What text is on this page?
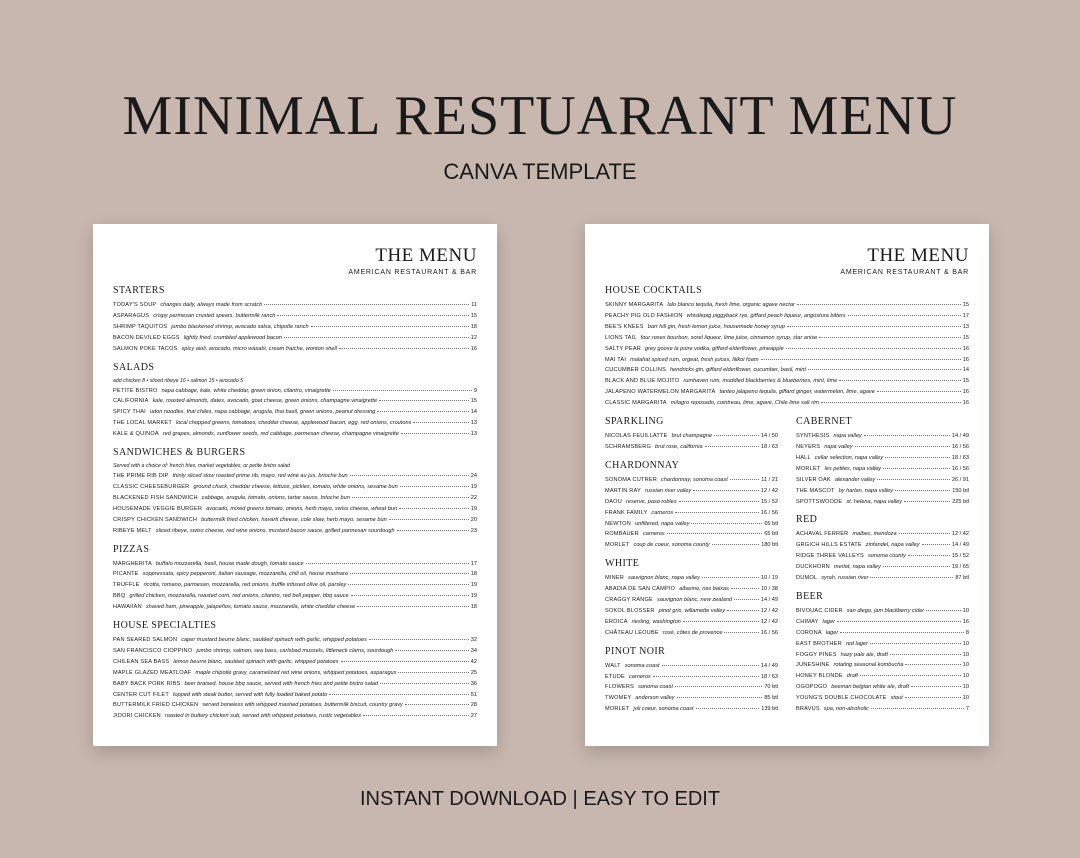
MINIMAL RESTUARANT MENU
CANVA TEMPLATE
THE MENU
AMERICAN RESTAURANT & BAR
STARTERS
TODAY'S SOUP changes daily, always made from scratch	11
ASPARAGUS crispy parmesan crusted spears, buttermilk ranch	15
SHRIMP TAQUITOS jumbo blackened shrimp, avocado salsa, chipotle ranch	18
BACON DEVILED EGGS lightly fried, crumbled applewood bacon	12
SALMON POKE TACOS spicy aioli, avocado, micro wasabi, cream fraiche, wonton shell	16
SALADS
add chicken 8 • sliced ribeye 16 • salmon 15 • avocado 5
PETITE BISTRO napa cabbage, kale, white cheddar, green onion, cilantro, vinaigrette	9
CALIFORNIA kale, roasted almonds, dates, avocado, goat cheese, green onions, champagne vinaigrette	15
SPICY THAI udon noodles, thai chiles, napa cabbage, arugula, thai basil, green onions, peanut dressing	14
THE LOCAL MARKET local chopped greens, tomatoes, cheddar cheese, applewood bacon, egg, red onions, croutons	13
KALE & QUINOA red grapes, almonds, sunflower seeds, red cabbage, parmesan cheese, champagne vinaigrette	13
SANDWICHES & BURGERS
Served with a choice of: french fries, market vegetables, or petite bistro salad
THE PRIME RIB DIP thinly sliced slow roasted prime rib, mayo, red wine au jus, brioche bun	24
CLASSIC CHEESEBURGER ground chuck, cheddar cheese, lettuce, pickles, tomato, white onions, sesame bun	19
BLACKENED FISH SANDWICH cabbage, arugula, tomato, onions, tartar sauce, brioche bun	22
HOUSEMADE VEGGIE BURGER avocado, mixed greens tomato, onions, herb mayo, swiss cheese, wheat bun	19
CRISPY CHICKEN SANDWICH buttermilk fried chicken, havarti cheese, cole slaw, herb mayo, sesame bun	20
RIBEYE MELT sliced ribeye, swiss cheese, red wine onions, mustard bacon sauce, grilled parmesan sourdough	23
PIZZAS
MARGHERITA buffalo mozzarella, basil, house made dough, tomato sauce	17
PICANTE soppressata, spicy pepperoni, italian sausage, mozzarella, chili oil, house marinara	18
TRUFFLE ricotta, romano, parmesan, mozzarella, red onions, truffle infused olive oil, parsley	19
BBQ grilled chicken, mozzarella, roasted corn, red onions, cilantro, red bell pepper, bbq sauce	19
HAWAIIAN shaved ham, pineapple, jalapeños, tomato sauce, mozzarella, white cheddar cheese	18
HOUSE SPECIALTIES
PAN SEARED SALMON caper mustard beurre blanc, sautéed spinach with garlic, whipped potatoes	32
SAN FRANCISCO CIOPPINO jumbo shrimp, salmon, sea bass, carlsbad mussels, littleneck clams, sourdough	34
CHILEAN SEA BASS lemon beurre blanc, sautéed spinach with garlic, whipped potatoes	42
MAPLE GLAZED MEATLOAF maple chipotle gravy, caramelized red wine onions, whipped potatoes, asparagus	25
BABY BACK PORK RIBS beer braised, house bbq sauce, served with french fries and petite bistro salad	36
CENTER CUT FILET topped with steak butter, served with fully loaded baked potato	51
BUTTERMILK FRIED CHICKEN served boneless with whipped mashed potatoes, buttermilk biscuit, country gravy	28
JIDORI CHICKEN roasted in buttery chicken sub, served with whipped potatoes, rustic vegetables	27
THE MENU
AMERICAN RESTAURANT & BAR
HOUSE COCKTAILS
SKINNY MARGARITA lalo blanco tequila, fresh lime, organic agave nectar	15
PEACHY PIG OLD FASHION whistlepig piggyback rye, giffard peach liqueur, angostura bitters	17
BEE'S KNEES barr hill gin, fresh lemon juice, housemade honey syrup	13
LIONS TAIL four roses bourbon, sorel liqueur, lime juice, cinnamon syrup, star anise	15
SALTY PEAR grey goose la poire vodka, giffard elderflower, pineapple	16
MAI TAI malahat spiced rum, orgeat, fresh juices, lilikoi foam	16
CUCUMBER COLLINS hendricks gin, giffard elderflower, cucumber, basil, mint	14
BLACK AND BLUE MOJITO rumhaven rum, muddled blackberries & blueberries, mint, lime	15
JALAPENO WATERMELON MARGARITA tanteo jalapeno tequila, giffard ginger, watermelon, lime, agave	16
CLASSIC MARGARITA milagro reposado, cointreau, lime, agave, Chile lime salt rim	16
SPARKLING
NICOLAS FEUILLATTE brut champagne	14 / 50
SCHRAMSBERG brut rose, california	18 / 63
CHARDONNAY
SONOMA CUTRER chardonnay, sonoma coast	11 / 21
MARTIN RAY russian river valley	12 / 42
DAOU reserve, paso robles	15 / 52
FRANK FAMILY carneros	16 / 56
NEWTON unfiltered, napa valley	65 btl
ROMBAUER carneros	65 btl
MORLET coup de coeur, sonoma county	180 btl
WHITE
MINER sauvignon blanc, napa valley	10 / 19
ABADIA DE SAN CAMPIO albarino, rias baixas	10 / 38
CRAGGY RANGE sauvignon blanc, new zealand	14 / 49
SOKOL BLOSSER pinot gris, willamette valley	12 / 42
EROICA riesling, washington	12 / 42
CHÂTEAU LÉOUBE rosé, côtes de provence	16 / 56
PINOT NOIR
WALT sonoma coast	14 / 49
ETUDE carneros	18 / 63
FLOWERS sonoma coast	70 btl
TWOMEY anderson valley	85 btl
MORLET joli coeur, sonoma coast	139 btl
CABERNET
SYNTHESIS napa valley	14 / 49
NEYERS napa valley	16 / 56
HALL cellar selection, napa valley	18 / 63
MORLET les petites, napa valley	16 / 56
SILVER OAK alexander valley	26 / 91
THE MASCOT by harlan, napa valley	150 btl
SPOTTSWOODE st. helena, napa valley	225 btl
RED
ACHAVAL FERRER malbec, mendoza	12 / 42
GRGICH HILLS ESTATE zinfandel, napa valley	14 / 49
RIDGE THREE VALLEYS sonoma county	15 / 52
DUCKHORN merlot, napa valley	19 / 65
DUMOL syrah, russian river	87 btl
BEER
BIVOUAC CIDER san diego, jam blackberry cider	10
CHIMAY lager	16
CORONA lager	8
EAST BROTHER red lager	10
FOGGY PINES hazy pale ale, draft	10
JUNESHINE rotating seasonal kombucha	10
HONEY BLONDE draft	10
OGOPOGO beeman belgian white ale, draft	10
YOUNG'S DOUBLE CHOCOLATE stout	10
BRAVUS spa, non-alcoholic	7
INSTANT DOWNLOAD | EASY TO EDIT
